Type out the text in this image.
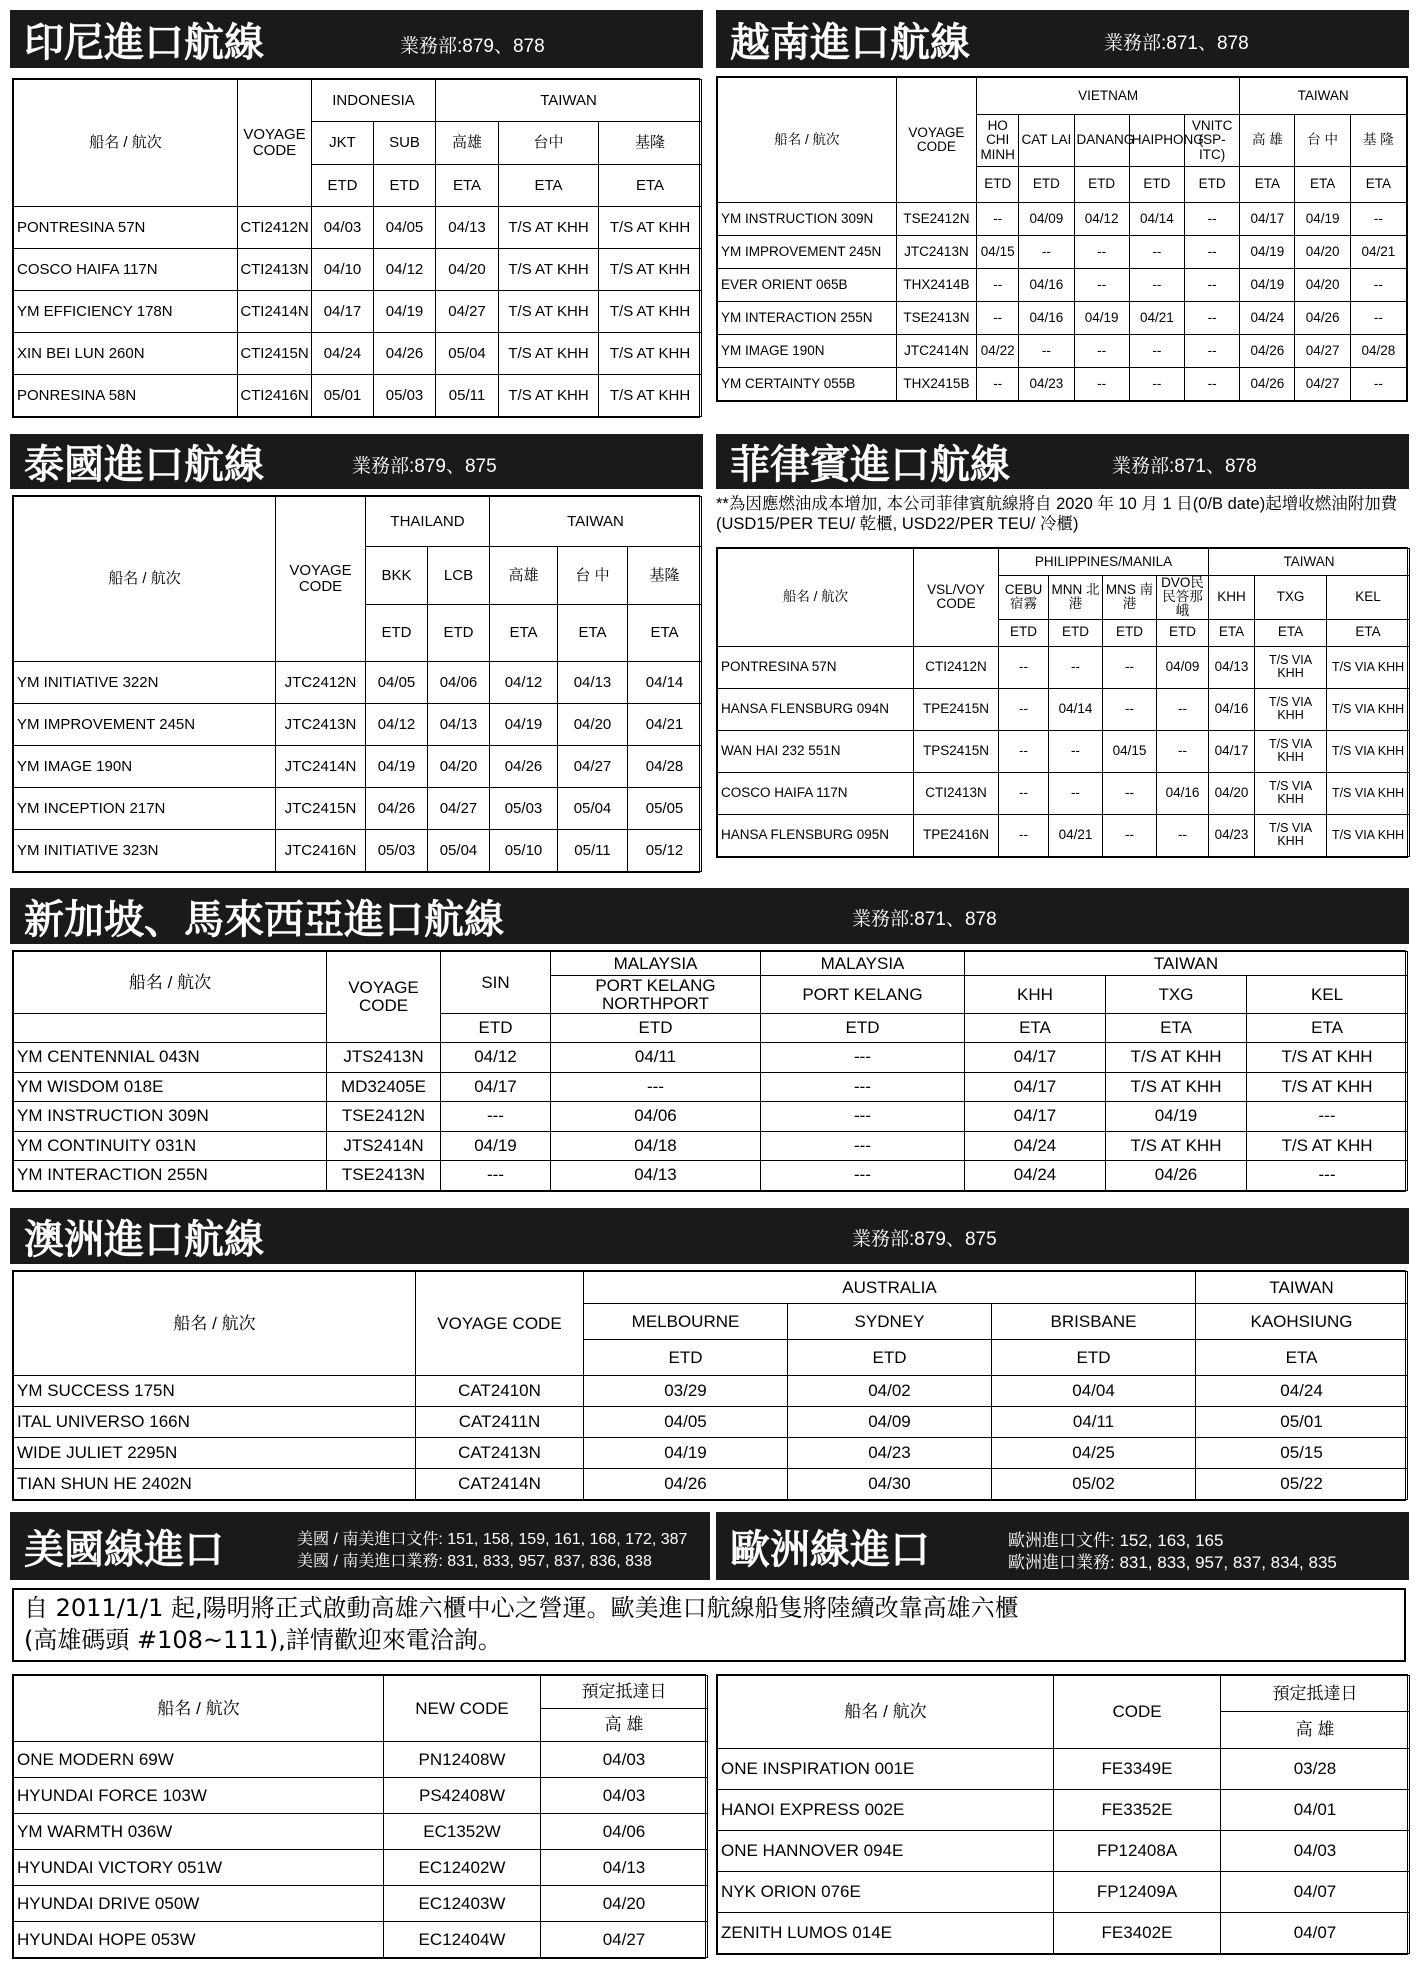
印尼進口航線	業務部:879、878
船名 / 航次	VOYAGE CODE	INDONESIA		TAIWAN		
		JKT	SUB	高雄	台中	基隆
		ETD	ETD	ETA	ETA	ETA
PONTRESINA 57N	CTI2412N	04/03	04/05	04/13	T/S AT KHH	T/S AT KHH
COSCO HAIFA 117N	CTI2413N	04/10	04/12	04/20	T/S AT KHH	T/S AT KHH
YM EFFICIENCY 178N	CTI2414N	04/17	04/19	04/27	T/S AT KHH	T/S AT KHH
XIN BEI LUN 260N	CTI2415N	04/24	04/26	05/04	T/S AT KHH	T/S AT KHH
PONRESINA 58N	CTI2416N	05/01	05/03	05/11	T/S AT KHH	T/S AT KHH
越南進口航線	業務部:871、878
船名 / 航次	VOYAGE CODE	VIETNAM					TAIWAN		
		HO CHI MINH	CAT LAI	DANANG	HAIPHONG	VNITC (SP-ITC)	高 雄	台 中	基 隆
		ETD	ETD	ETD	ETD	ETD	ETA	ETA	ETA
YM INSTRUCTION 309N	TSE2412N	--	04/09	04/12	04/14	--	04/17	04/19	--
YM IMPROVEMENT 245N	JTC2413N	04/15	--	--	--	--	04/19	04/20	04/21
EVER ORIENT 065B	THX2414B	--	04/16	--	--	--	04/19	04/20	--
YM INTERACTION 255N	TSE2413N	--	04/16	04/19	04/21	--	04/24	04/26	--
YM IMAGE 190N	JTC2414N	04/22	--	--	--	--	04/26	04/27	04/28
YM CERTAINTY 055B	THX2415B	--	04/23	--	--	--	04/26	04/27	--
泰國進口航線	業務部:879、875
船名 / 航次	VOYAGE CODE	THAILAND		TAIWAN		
		BKK	LCB	高雄	台 中	基隆
		ETD	ETD	ETA	ETA	ETA
YM INITIATIVE 322N	JTC2412N	04/05	04/06	04/12	04/13	04/14
YM IMPROVEMENT 245N	JTC2413N	04/12	04/13	04/19	04/20	04/21
YM IMAGE 190N	JTC2414N	04/19	04/20	04/26	04/27	04/28
YM INCEPTION 217N	JTC2415N	04/26	04/27	05/03	05/04	05/05
YM INITIATIVE 323N	JTC2416N	05/03	05/04	05/10	05/11	05/12
菲律賓進口航線	業務部:871、878
**為因應燃油成本增加, 本公司菲律賓航線將自 2020 年 10 月 1 日(0/B date)起增收燃油附加費(USD15/PER TEU/ 乾櫃, USD22/PER TEU/ 冷櫃)
船名 / 航次	VSL/VOY CODE	PHILIPPINES/MANILA				TAIWAN		
		CEBU 宿霧	MNN 北港	MNS 南港	DVO民 民答那峨	KHH	TXG	KEL
		ETD	ETD	ETD	ETD	ETA	ETA	ETA
PONTRESINA 57N	CTI2412N	--	--	--	04/09	04/13	T/S VIA KHH	T/S VIA KHH
HANSA FLENSBURG 094N	TPE2415N	--	04/14	--	--	04/16	T/S VIA KHH	T/S VIA KHH
WAN HAI 232 551N	TPS2415N	--	--	04/15	--	04/17	T/S VIA KHH	T/S VIA KHH
COSCO HAIFA 117N	CTI2413N	--	--	--	04/16	04/20	T/S VIA KHH	T/S VIA KHH
HANSA FLENSBURG 095N	TPE2416N	--	04/21	--	--	04/23	T/S VIA KHH	T/S VIA KHH
新加坡、馬來西亞進口航線	業務部:871、878
船名 / 航次	VOYAGE CODE	SIN	MALAYSIA	MALAYSIA	TAIWAN		
			PORT KELANG NORTHPORT	PORT KELANG	KHH	TXG	KEL
		ETD	ETD	ETD	ETA	ETA	ETA
YM CENTENNIAL 043N	JTS2413N	04/12	04/11	---	04/17	T/S AT KHH	T/S AT KHH
YM WISDOM 018E	MD32405E	04/17	---	---	04/17	T/S AT KHH	T/S AT KHH
YM INSTRUCTION 309N	TSE2412N	---	04/06	---	04/17	04/19	---
YM CONTINUITY 031N	JTS2414N	04/19	04/18	---	04/24	T/S AT KHH	T/S AT KHH
YM INTERACTION 255N	TSE2413N	---	04/13	---	04/24	04/26	---
澳洲進口航線	業務部:879、875
船名 / 航次	VOYAGE CODE	AUSTRALIA			TAIWAN
		MELBOURNE	SYDNEY	BRISBANE	KAOHSIUNG
		ETD	ETD	ETD	ETA
YM SUCCESS 175N	CAT2410N	03/29	04/02	04/04	04/24
ITAL UNIVERSO 166N	CAT2411N	04/05	04/09	04/11	05/01
WIDE JULIET 2295N	CAT2413N	04/19	04/23	04/25	05/15
TIAN SHUN HE 2402N	CAT2414N	04/26	04/30	05/02	05/22
美國線進口	美國 / 南美進口文件: 151, 158, 159, 161, 168, 172, 387
美國 / 南美進口業務: 831, 833, 957, 837, 836, 838 歐洲線進口	歐洲進口文件: 152, 163, 165
歐洲進口業務: 831, 833, 957, 837, 834, 835
自 2011/1/1 起,陽明將正式啟動高雄六櫃中心之營運。歐美進口航線船隻將陸續改靠高雄六櫃
(高雄碼頭 #108~111),詳情歡迎來電洽詢。
船名 / 航次	NEW CODE	預定抵達日
		高 雄
ONE MODERN 69W	PN12408W	04/03
HYUNDAI FORCE 103W	PS42408W	04/03
YM WARMTH 036W	EC1352W	04/06
HYUNDAI VICTORY 051W	EC12402W	04/13
HYUNDAI DRIVE 050W	EC12403W	04/20
HYUNDAI HOPE 053W	EC12404W	04/27
船名 / 航次	CODE	預定抵達日
		高 雄
ONE INSPIRATION 001E	FE3349E	03/28
HANOI EXPRESS 002E	FE3352E	04/01
ONE HANNOVER 094E	FP12408A	04/03
NYK ORION 076E	FP12409A	04/07
ZENITH LUMOS 014E	FE3402E	04/07
